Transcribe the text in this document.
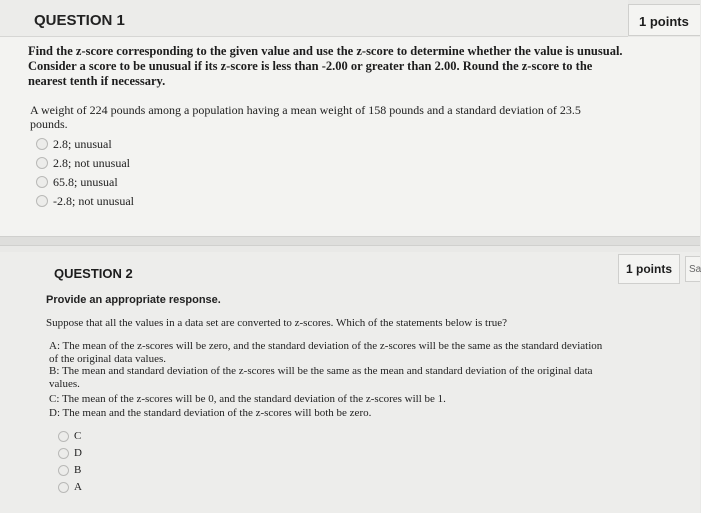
QUESTION 1	1 points
Find the z-score corresponding to the given value and use the z-score to determine whether the value is unusual. Consider a score to be unusual if its z-score is less than -2.00 or greater than 2.00. Round the z-score to the nearest tenth if necessary.
A weight of 224 pounds among a population having a mean weight of 158 pounds and a standard deviation of 23.5 pounds.
2.8; unusual
2.8; not unusual
65.8; unusual
-2.8; not unusual
QUESTION 2	1 points	Sa
Provide an appropriate response.
Suppose that all the values in a data set are converted to z-scores. Which of the statements below is true?
A: The mean of the z-scores will be zero, and the standard deviation of the z-scores will be the same as the standard deviation of the original data values.
B: The mean and standard deviation of the z-scores will be the same as the mean and standard deviation of the original data values.
C: The mean of the z-scores will be 0, and the standard deviation of the z-scores will be 1.
D: The mean and the standard deviation of the z-scores will both be zero.
C
D
B
A
